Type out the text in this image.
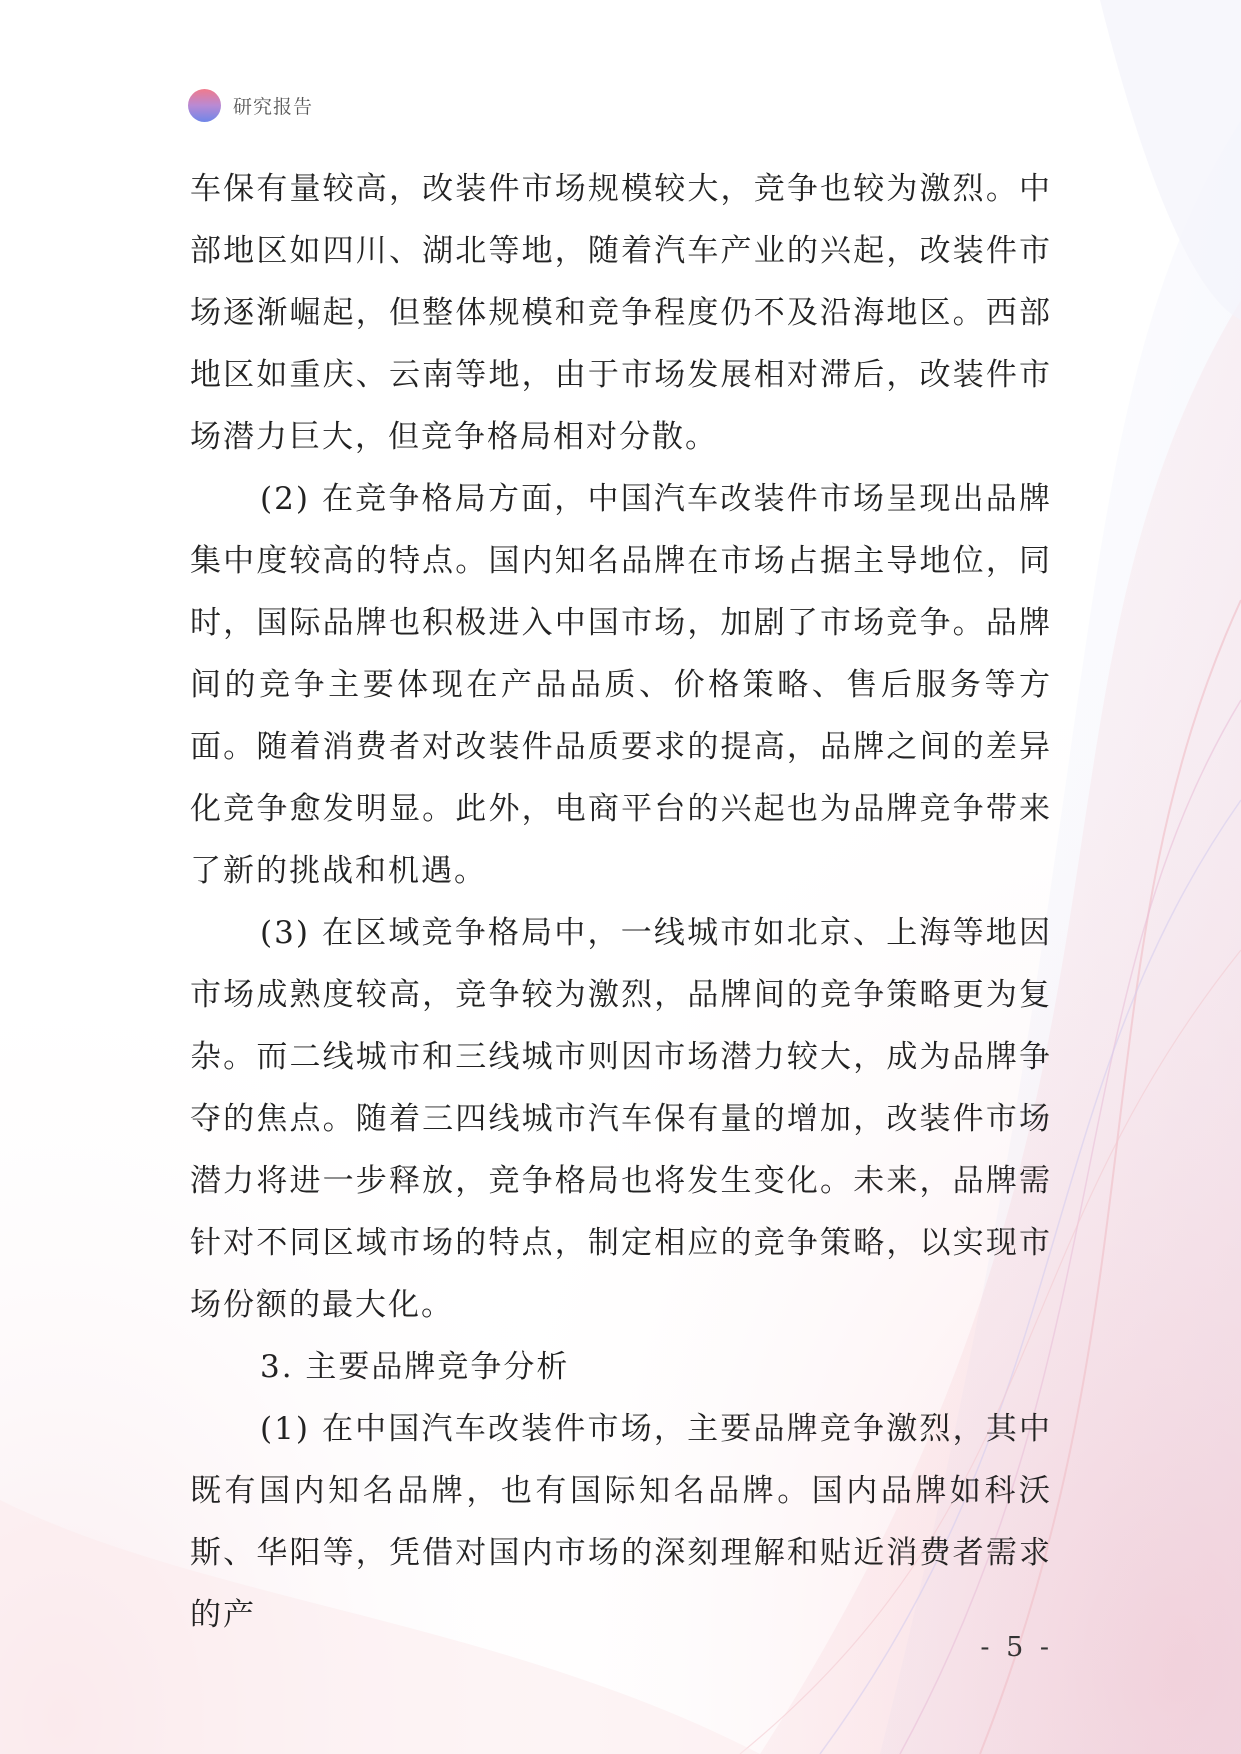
研究报告

车保有量较高，改装件市场规模较大，竞争也较为激烈。中部地区如四川、湖北等地，随着汽车产业的兴起，改装件市场逐渐崛起，但整体规模和竞争程度仍不及沿海地区。西部地区如重庆、云南等地，由于市场发展相对滞后，改装件市场潜力巨大，但竞争格局相对分散。

(2) 在竞争格局方面，中国汽车改装件市场呈现出品牌集中度较高的特点。国内知名品牌在市场占据主导地位，同时，国际品牌也积极进入中国市场，加剧了市场竞争。品牌间的竞争主要体现在产品品质、价格策略、售后服务等方面。随着消费者对改装件品质要求的提高，品牌之间的差异化竞争愈发明显。此外，电商平台的兴起也为品牌竞争带来了新的挑战和机遇。

(3) 在区域竞争格局中，一线城市如北京、上海等地因市场成熟度较高，竞争较为激烈，品牌间的竞争策略更为复杂。而二线城市和三线城市则因市场潜力较大，成为品牌争夺的焦点。随着三四线城市汽车保有量的增加，改装件市场潜力将进一步释放，竞争格局也将发生变化。未来，品牌需针对不同区域市场的特点，制定相应的竞争策略，以实现市场份额的最大化。

3. 主要品牌竞争分析

(1) 在中国汽车改装件市场，主要品牌竞争激烈，其中既有国内知名品牌，也有国际知名品牌。国内品牌如科沃斯、华阳等，凭借对国内市场的深刻理解和贴近消费者需求的产

- 5 -
